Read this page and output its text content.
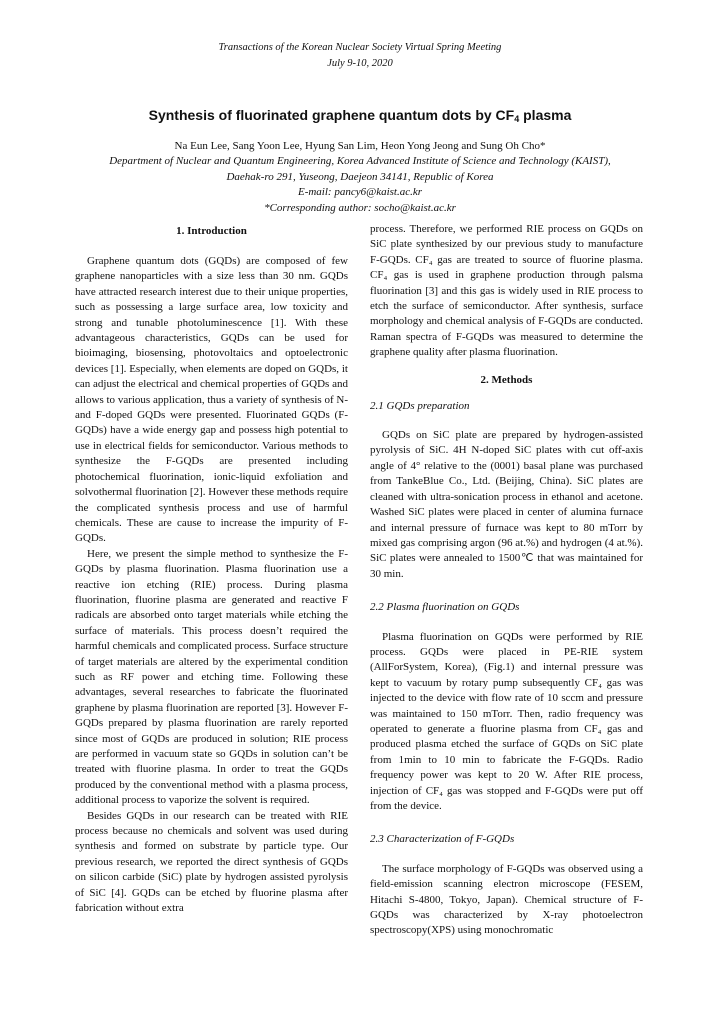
Transactions of the Korean Nuclear Society Virtual Spring Meeting
July 9-10, 2020
Synthesis of fluorinated graphene quantum dots by $CF_4$ plasma
Na Eun Lee, Sang Yoon Lee, Hyung San Lim, Heon Yong Jeong and Sung Oh Cho*
Department of Nuclear and Quantum Engineering, Korea Advanced Institute of Science and Technology (KAIST),
Daehak-ro 291, Yuseong, Daejeon 34141, Republic of Korea
E-mail: pancy6@kaist.ac.kr
*Corresponding author: socho@kaist.ac.kr
1. Introduction

Graphene quantum dots (GQDs) are composed of few graphene nanoparticles with a size less than 30 nm. GQDs have attracted research interest due to their unique properties, such as possessing a large surface area, low toxicity and strong and tunable photoluminescence [1]. With these advantageous characteristics, GQDs can be used for bioimaging, biosensing, photovoltaics and optoelectronic devices [1]. Especially, when elements are doped on GQDs, it can adjust the electrical and chemical properties of GQDs and allows to various application, thus a variety of synthesis of N- and F-doped GQDs were presented. Fluorinated GQDs (F-GQDs) have a wide energy gap and possess high potential to use in electrical fields for semiconductor. Various methods to synthesize the F-GQDs are presented including photochemical fluorination, ionic-liquid exfoliation and solvothermal fluorination [2]. However these methods require the complicated synthesis process and use of harmful chemicals. These are cause to increase the impurity of F-GQDs.

Here, we present the simple method to synthesize the F-GQDs by plasma fluorination. Plasma fluorination use a reactive ion etching (RIE) process. During plasma fluorination, fluorine plasma are generated and reactive F radicals are absorbed onto target materials while etching the surface of materials. This process doesn’t required the harmful chemicals and complicated process. Surface structure of target materials are altered by the experimental condition such as RF power and etching time. Following these advantages, several researches to fabricate the fluorinated graphene by plasma fluorination are reported [3]. However F-GQDs prepared by plasma fluorination are rarely reported since most of GQDs are produced in solution; RIE process are performed in vacuum state so GQDs in solution can’t be treated with fluorine plasma. In order to treat the GQDs produced by the conventional method with a plasma process, additional process to vaporize the solvent is required.

Besides GQDs in our research can be treated with RIE process because no chemicals and solvent was used during synthesis and formed on substrate by particle type. Our previous research, we reported the direct synthesis of GQDs on silicon carbide (SiC) plate by hydrogen assisted pyrolysis of SiC [4]. GQDs can be etched by fluorine plasma after fabrication without extra

process. Therefore, we performed RIE process on GQDs on SiC plate synthesized by our previous study to manufacture F-GQDs. CF₄ gas are treated to source of fluorine plasma. CF₄ gas is used in graphene production through palsma fluorination [3] and this gas is widely used in RIE process to etch the surface of semiconductor. After synthesis, surface morphology and chemical analysis of F-GQDs are conducted. Raman spectra of F-GQDs was measured to determine the graphene quality after plasma fluorination.

2. Methods

2.1 GQDs preparation

GQDs on SiC plate are prepared by hydrogen-assisted pyrolysis of SiC. 4H N-doped SiC plates with cut off-axis angle of 4° relative to the (0001) basal plane was purchased from TankeBlue Co., Ltd. (Beijing, China). SiC plates are cleaned with ultra-sonication process in ethanol and acetone. Washed SiC plates were placed in center of alumina furnace and internal pressure of furnace was kept to 80 mTorr by mixed gas comprising argon (96 at.%) and hydrogen (4 at.%). SiC plates were annealed to 1500℃ that was maintained for 30 min.

2.2 Plasma fluorination on GQDs

Plasma fluorination on GQDs were performed by RIE process. GQDs were placed in PE-RIE system (AllForSystem, Korea), (Fig.1) and internal pressure was kept to vacuum by rotary pump subsequently CF₄ gas was injected to the device with flow rate of 10 sccm and pressure was maintained to 150 mTorr. Then, radio frequency was operated to generate a fluorine plasma from CF₄ gas and produced plasma etched the surface of GQDs on SiC plate from 1min to 10 min to fabricate the F-GQDs. Radio frequency power was kept to 20 W. After RIE process, injection of CF₄ gas was stopped and F-GQDs were put off from the device.

2.3 Characterization of F-GQDs

The surface morphology of F-GQDs was observed using a field-emission scanning electron microscope (FESEM, Hitachi S-4800, Tokyo, Japan). Chemical structure of F-GQDs was characterized by X-ray photoelectron spectroscopy(XPS) using monochromatic
